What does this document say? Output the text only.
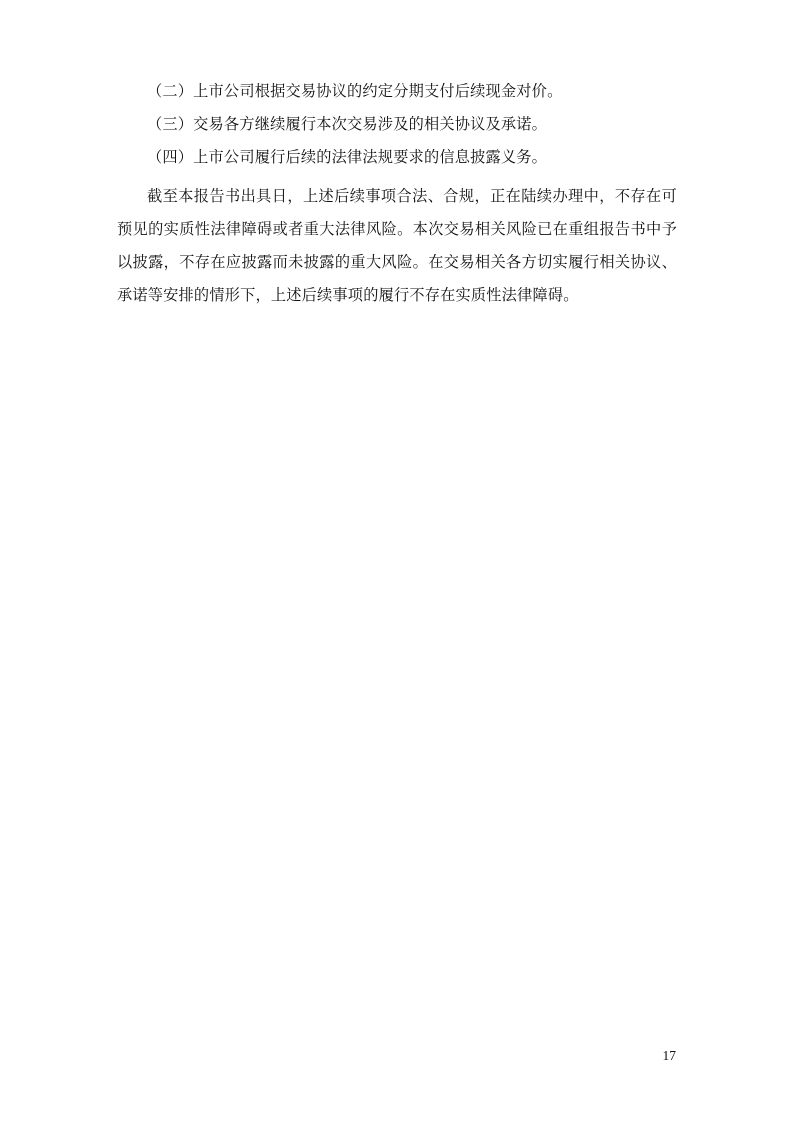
（二）上市公司根据交易协议的约定分期支付后续现金对价。

（三）交易各方继续履行本次交易涉及的相关协议及承诺。

（四）上市公司履行后续的法律法规要求的信息披露义务。

截至本报告书出具日，上述后续事项合法、合规，正在陆续办理中，不存在可预见的实质性法律障碍或者重大法律风险。本次交易相关风险已在重组报告书中予以披露，不存在应披露而未披露的重大风险。在交易相关各方切实履行相关协议、承诺等安排的情形下，上述后续事项的履行不存在实质性法律障碍。

17
